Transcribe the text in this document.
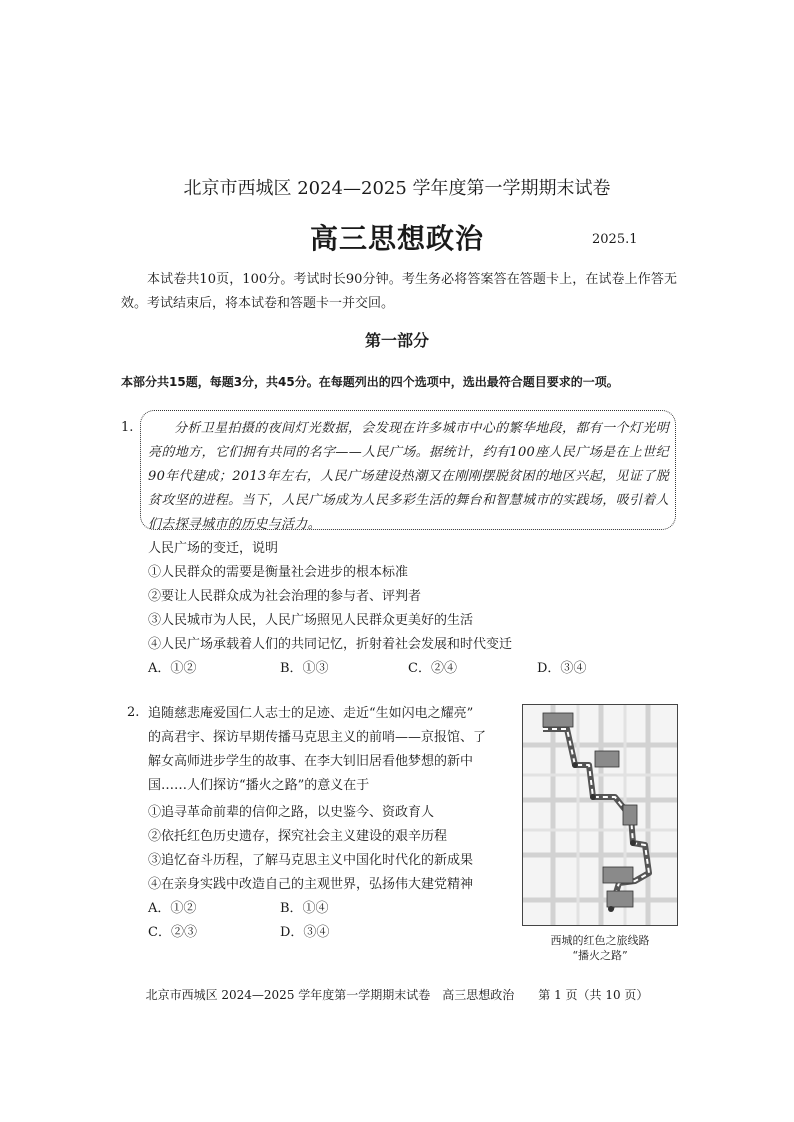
北京市西城区 2024—2025 学年度第一学期期末试卷
高三思想政治	2025.1
本试卷共10页，100分。考试时长90分钟。考生务必将答案答在答题卡上，在试卷上作答无效。考试结束后，将本试卷和答题卡一并交回。
第一部分
本部分共15题，每题3分，共45分。在每题列出的四个选项中，选出最符合题目要求的一项。
1.	分析卫星拍摄的夜间灯光数据，会发现在许多城市中心的繁华地段，都有一个灯光明亮的地方，它们拥有共同的名字——人民广场。据统计，约有100座人民广场是在上世纪90年代建成；2013年左右，人民广场建设热潮又在刚刚摆脱贫困的地区兴起，见证了脱贫攻坚的进程。当下，人民广场成为人民多彩生活的舞台和智慧城市的实践场，吸引着人们去探寻城市的历史与活力。

人民广场的变迁，说明
①人民群众的需要是衡量社会进步的根本标准
②要让人民群众成为社会治理的参与者、评判者
③人民城市为人民，人民广场照见人民群众更美好的生活
④人民广场承载着人们的共同记忆，折射着社会发展和时代变迁
A．①②	B．①③	C．②④	D．③④
2. 追随慈悲庵爱国仁人志士的足迹、走近“生如闪电之耀亮”
的高君宇、探访早期传播马克思主义的前哨——京报馆、了
解女高师进步学生的故事、在李大钊旧居看他梦想的新中
国……人们探访“播火之路”的意义在于
①追寻革命前辈的信仰之路，以史鉴今、资政育人
②依托红色历史遗存，探究社会主义建设的艰辛历程
③追忆奋斗历程，了解马克思主义中国化时代化的新成果
④在亲身实践中改造自己的主观世界，弘扬伟大建党精神
A．①②	B．①④
C．②③	D．③④
西城的红色之旅线路
“播火之路”
北京市西城区 2024—2025 学年度第一学期期末试卷　高三思想政治　　第 1 页（共 10 页）
